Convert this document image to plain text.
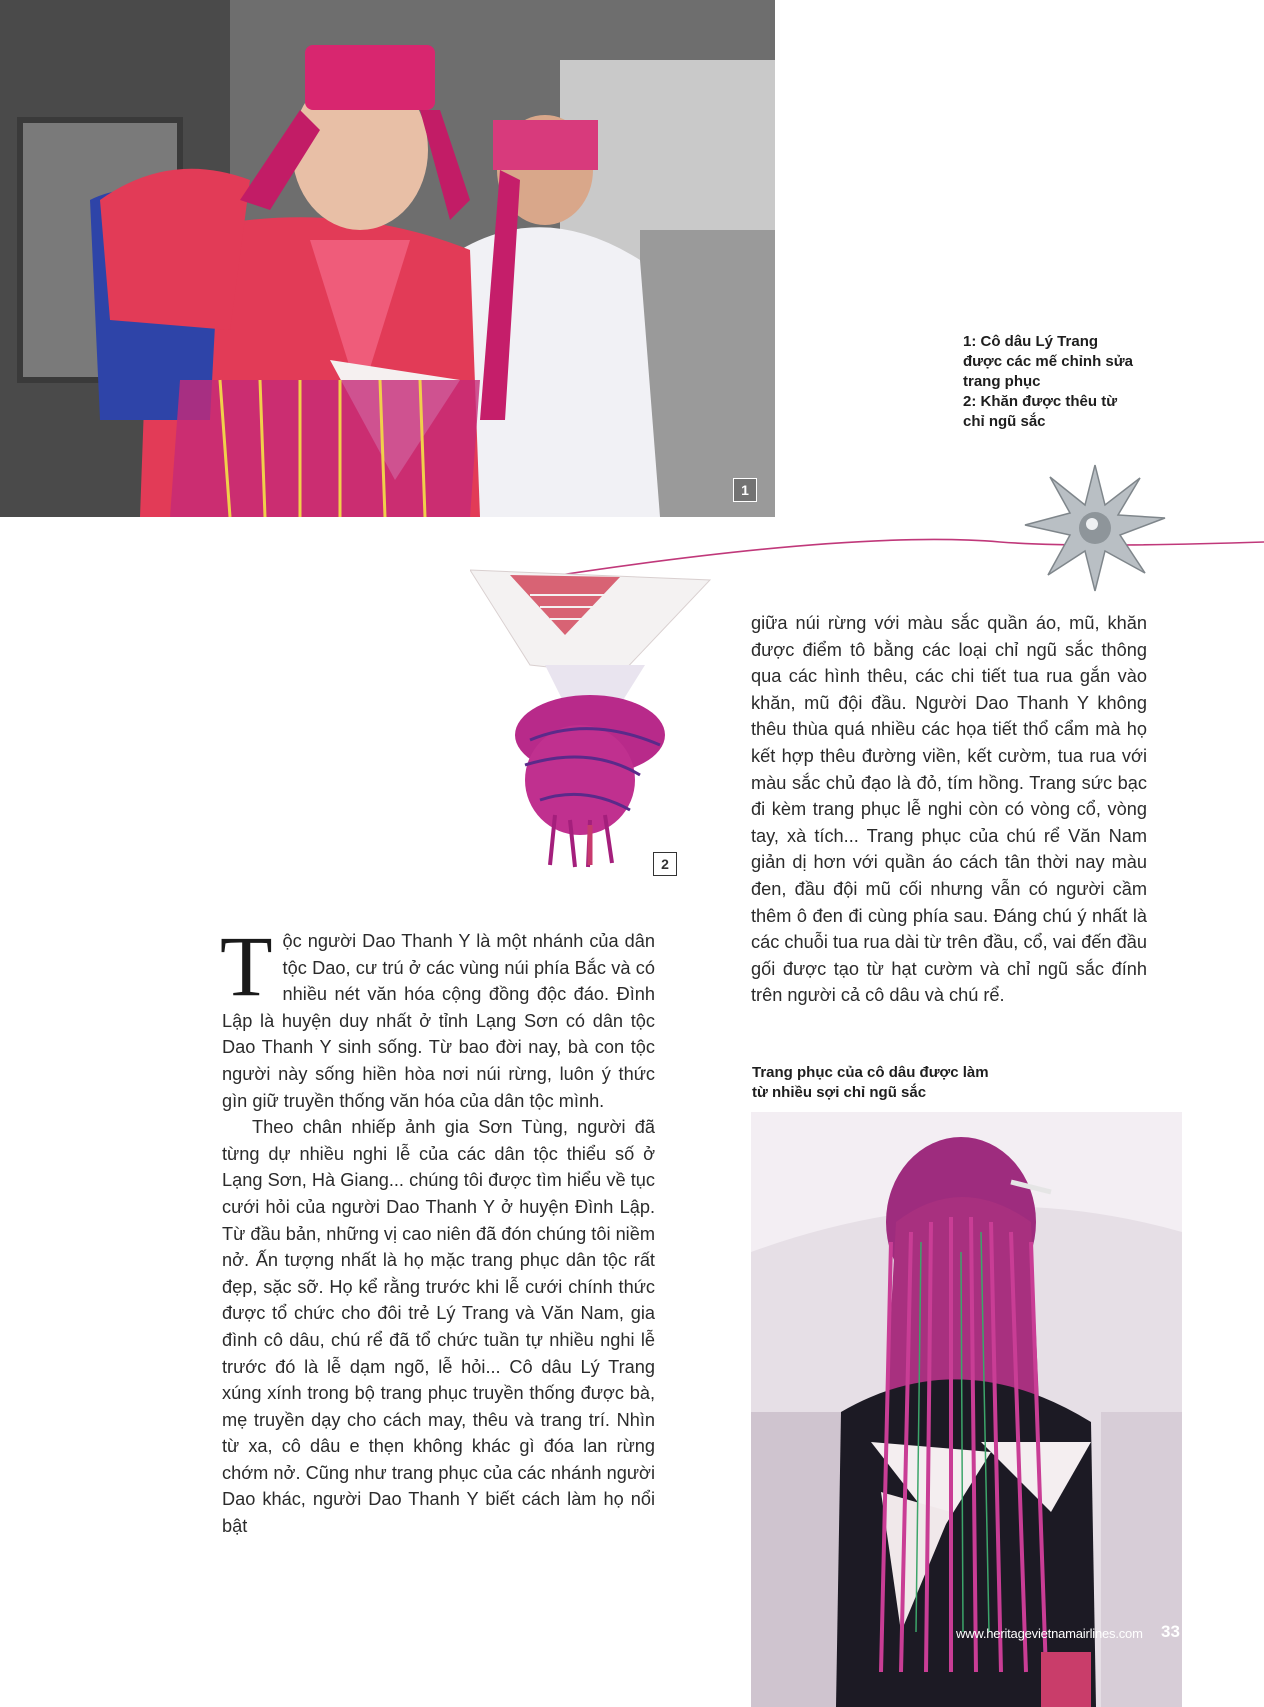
1
1: Cô dâu Lý Trang
được các mế chỉnh sửa
trang phục
2: Khăn được thêu từ
chỉ ngũ sắc
2

giữa núi rừng với màu sắc quần áo, mũ, khăn được điểm tô bằng các loại chỉ ngũ sắc thông qua các hình thêu, các chi tiết tua rua gắn vào khăn, mũ đội đầu. Người Dao Thanh Y không thêu thùa quá nhiều các họa tiết thổ cẩm mà họ kết hợp thêu đường viền, kết cườm, tua rua với màu sắc chủ đạo là đỏ, tím hồng. Trang sức bạc đi kèm trang phục lễ nghi còn có vòng cổ, vòng tay, xà tích... Trang phục của chú rể Văn Nam giản dị hơn với quần áo cách tân thời nay màu đen, đầu đội mũ cối nhưng vẫn có người cầm thêm ô đen đi cùng phía sau. Đáng chú ý nhất là các chuỗi tua rua dài từ trên đầu, cổ, vai đến đầu gối được tạo từ hạt cườm và chỉ ngũ sắc đính trên người cả cô dâu và chú rể.

Tộc người Dao Thanh Y là một nhánh của dân tộc Dao, cư trú ở các vùng núi phía Bắc và có nhiều nét văn hóa cộng đồng độc đáo. Đình Lập là huyện duy nhất ở tỉnh Lạng Sơn có dân tộc Dao Thanh Y sinh sống. Từ bao đời nay, bà con tộc người này sống hiền hòa nơi núi rừng, luôn ý thức gìn giữ truyền thống văn hóa của dân tộc mình.

Theo chân nhiếp ảnh gia Sơn Tùng, người đã từng dự nhiều nghi lễ của các dân tộc thiểu số ở Lạng Sơn, Hà Giang... chúng tôi được tìm hiểu về tục cưới hỏi của người Dao Thanh Y ở huyện Đình Lập. Từ đầu bản, những vị cao niên đã đón chúng tôi niềm nở. Ấn tượng nhất là họ mặc trang phục dân tộc rất đẹp, sặc sỡ. Họ kể rằng trước khi lễ cưới chính thức được tổ chức cho đôi trẻ Lý Trang và Văn Nam, gia đình cô dâu, chú rể đã tổ chức tuần tự nhiều nghi lễ trước đó là lễ dạm ngõ, lễ hỏi... Cô dâu Lý Trang xúng xính trong bộ trang phục truyền thống được bà, mẹ truyền dạy cho cách may, thêu và trang trí. Nhìn từ xa, cô dâu e thẹn không khác gì đóa lan rừng chớm nở. Cũng như trang phục của các nhánh người Dao khác, người Dao Thanh Y biết cách làm họ nổi bật

Trang phục của cô dâu được làm
từ nhiều sợi chỉ ngũ sắc
www.heritagevietnamairlines.com 33
